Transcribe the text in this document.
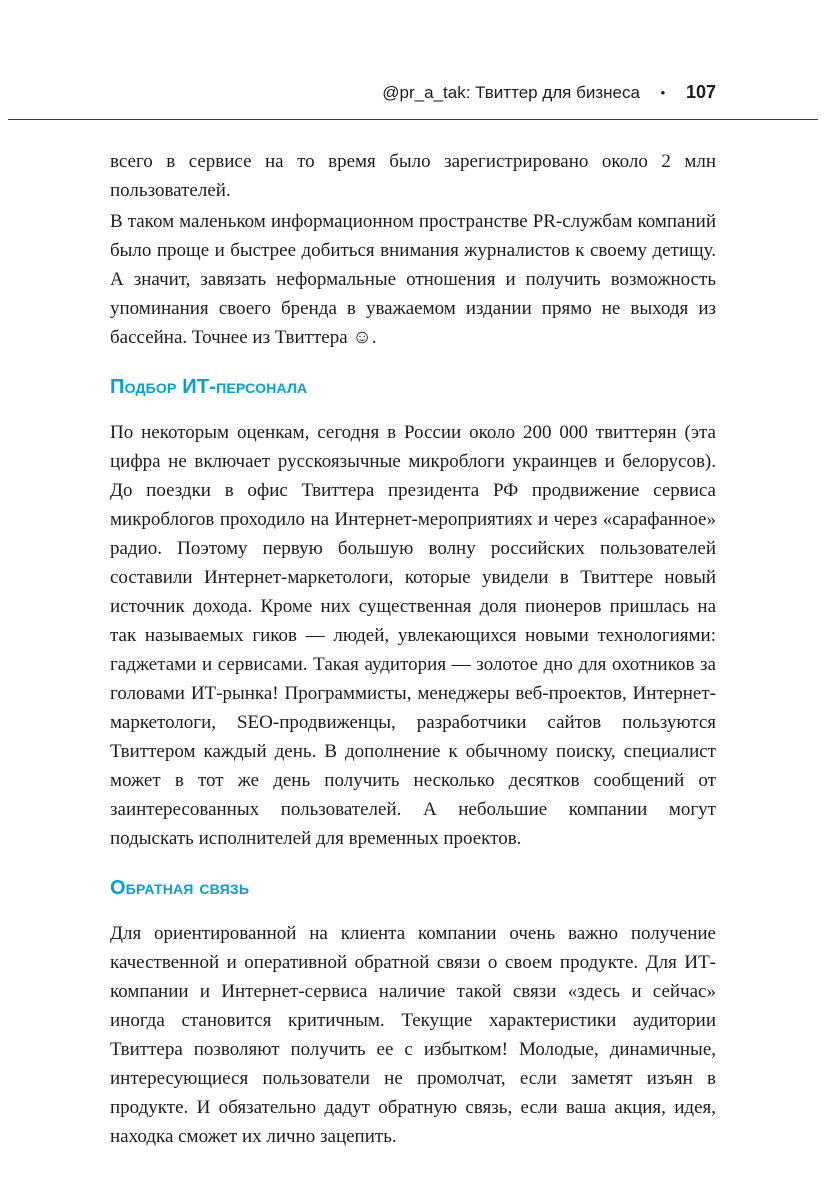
@pr_a_tak: Твиттер для бизнеса • 107

всего в сервисе на то время было зарегистрировано около 2 млн пользователей.

В таком маленьком информационном пространстве PR-службам компаний было проще и быстрее добиться внимания журналистов к своему детищу. А значит, завязать неформальные отношения и получить возможность упоминания своего бренда в уважаемом издании прямо не выходя из бассейна. Точнее из Твиттера ☺.

Подбор ИТ-персонала

По некоторым оценкам, сегодня в России около 200 000 твиттерян (эта цифра не включает русскоязычные микроблоги украинцев и белорусов). До поездки в офис Твиттера президента РФ продвижение сервиса микроблогов проходило на Интернет-мероприятиях и через «сарафанное» радио. Поэтому первую большую волну российских пользователей составили Интернет-маркетологи, которые увидели в Твиттере новый источник дохода. Кроме них существенная доля пионеров пришлась на так называемых гиков — людей, увлекающихся новыми технологиями: гаджетами и сервисами. Такая аудитория — золотое дно для охотников за головами ИТ-рынка! Программисты, менеджеры веб-проектов, Интернет-маркетологи, SEO-продвиженцы, разработчики сайтов пользуются Твиттером каждый день. В дополнение к обычному поиску, специалист может в тот же день получить несколько десятков сообщений от заинтересованных пользователей. А небольшие компании могут подыскать исполнителей для временных проектов.

Обратная связь

Для ориентированной на клиента компании очень важно получение качественной и оперативной обратной связи о своем продукте. Для ИТ-компании и Интернет-сервиса наличие такой связи «здесь и сейчас» иногда становится критичным. Текущие характеристики аудитории Твиттера позволяют получить ее с избытком! Молодые, динамичные, интересующиеся пользователи не промолчат, если заметят изъян в продукте. И обязательно дадут обратную связь, если ваша акция, идея, находка сможет их лично зацепить.
